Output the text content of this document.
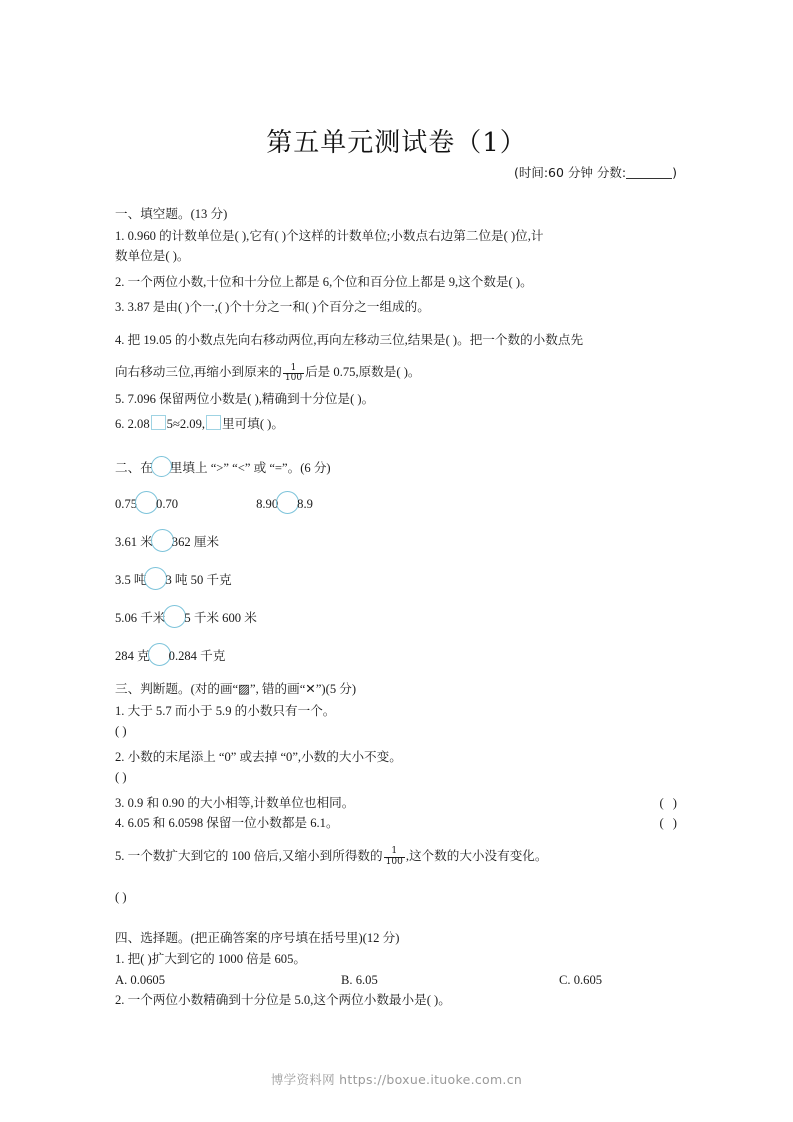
第五单元测试卷（1）
(时间:60 分钟 分数:	)
一、填空题。(13 分)
1. 0.960 的计数单位是( ),它有( )个这样的计数单位;小数点右边第二位是( )位,计
数单位是( )。
2. 一个两位小数,十位和十分位上都是 6,个位和百分位上都是 9,这个数是( )。
3. 3.87 是由( )个一,( )个十分之一和( )个百分之一组成的。
4. 把 19.05 的小数点先向右移动两位,再向左移动三位,结果是( )。把一个数的小数点先
向右移动三位,再缩小到原来的 $\frac{1}{100}$ 后是 0.75,原数是( )。
5. 7.096 保留两位小数是( ),精确到十分位是( )。
6. 2.08 5≈2.09, 里可填( )。
二、在 里填上 “>” “<” 或 “=”。(6 分)
0.75 0.70	8.90 8.9
3.61 米 362 厘米
3.5 吨 3 吨 50 千克
5.06 千米 5 千米 600 米
284 克 0.284 千克
三、判断题。(对的画“▨”, 错的画“✕”)(5 分)
1. 大于 5.7 而小于 5.9 的小数只有一个。
( )
2. 小数的末尾添上 “0” 或去掉 “0”,小数的大小不变。
( )
3. 0.9 和 0.90 的大小相等,计数单位也相同。	( )
4. 6.05 和 6.0598 保留一位小数都是 6.1。	( )
5. 一个数扩大到它的 100 倍后,又缩小到所得数的 $\frac{1}{100}$ ,这个数的大小没有变化。
( )
四、选择题。(把正确答案的序号填在括号里)(12 分)
1. 把( )扩大到它的 1000 倍是 605。
A. 0.0605	B. 6.05	C. 0.605
2. 一个两位小数精确到十分位是 5.0,这个两位小数最小是( )。
博学资料网 https://boxue.ituoke.com.cn
